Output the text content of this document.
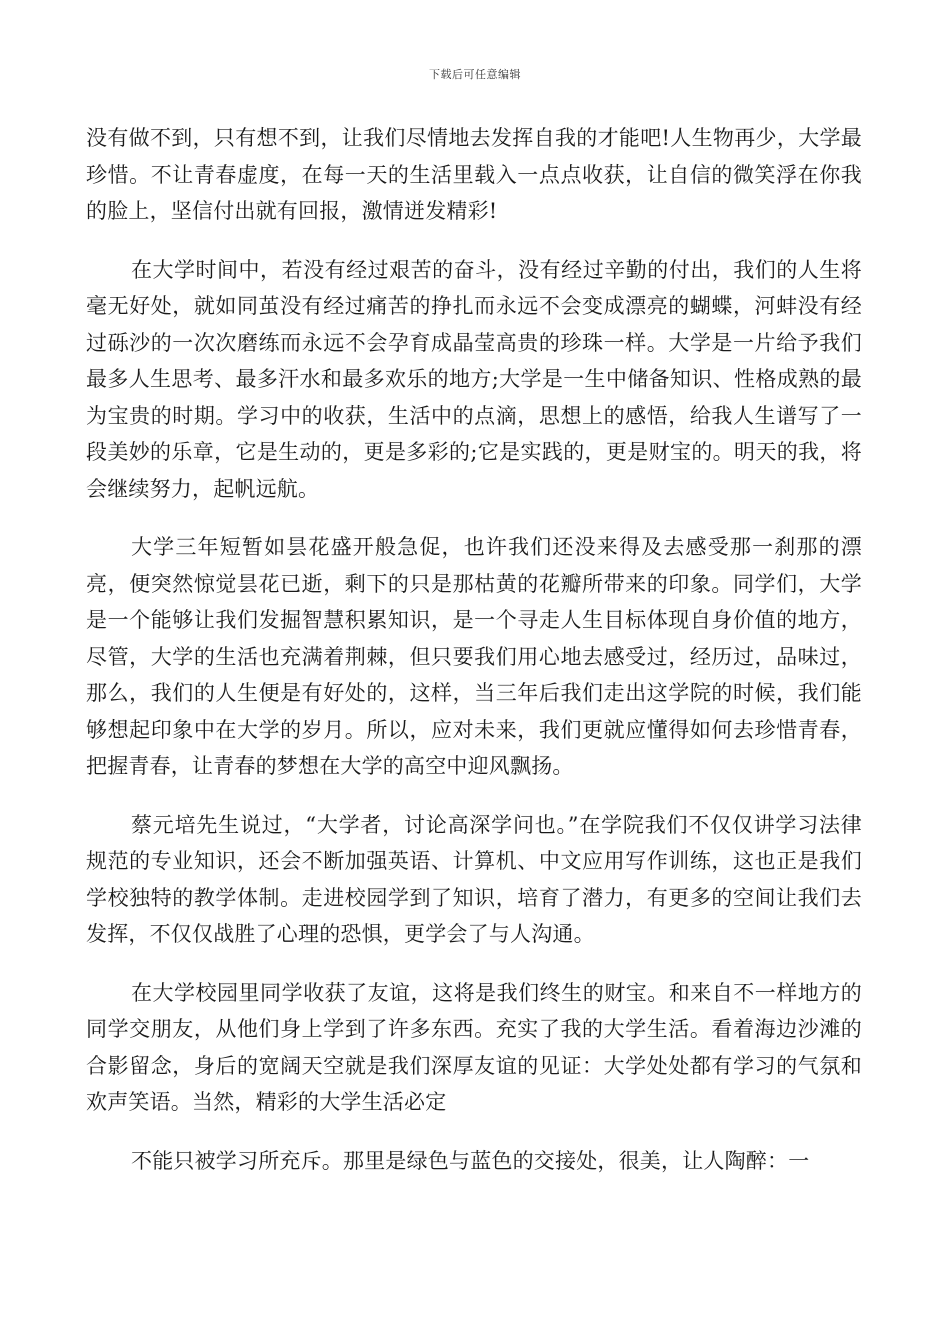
下载后可任意编辑

没有做不到，只有想不到，让我们尽情地去发挥自我的才能吧!人生物再少，大学最珍惜。不让青春虚度，在每一天的生活里载入一点点收获，让自信的微笑浮在你我的脸上，坚信付出就有回报，激情迸发精彩!

在大学时间中，若没有经过艰苦的奋斗，没有经过辛勤的付出，我们的人生将毫无好处，就如同茧没有经过痛苦的挣扎而永远不会变成漂亮的蝴蝶，河蚌没有经过砾沙的一次次磨练而永远不会孕育成晶莹高贵的珍珠一样。大学是一片给予我们最多人生思考、最多汗水和最多欢乐的地方;大学是一生中储备知识、性格成熟的最为宝贵的时期。学习中的收获，生活中的点滴，思想上的感悟，给我人生谱写了一段美妙的乐章，它是生动的，更是多彩的;它是实践的，更是财宝的。明天的我，将会继续努力，起帆远航。

大学三年短暂如昙花盛开般急促，也许我们还没来得及去感受那一刹那的漂亮，便突然惊觉昙花已逝，剩下的只是那枯黄的花瓣所带来的印象。同学们，大学是一个能够让我们发掘智慧积累知识，是一个寻走人生目标体现自身价值的地方，尽管，大学的生活也充满着荆棘，但只要我们用心地去感受过，经历过，品味过，那么，我们的人生便是有好处的，这样，当三年后我们走出这学院的时候，我们能够想起印象中在大学的岁月。所以，应对未来，我们更就应懂得如何去珍惜青春，把握青春，让青春的梦想在大学的高空中迎风飘扬。

蔡元培先生说过，“大学者，讨论高深学问也。”在学院我们不仅仅讲学习法律规范的专业知识，还会不断加强英语、计算机、中文应用写作训练，这也正是我们学校独特的教学体制。走进校园学到了知识，培育了潜力，有更多的空间让我们去发挥，不仅仅战胜了心理的恐惧，更学会了与人沟通。

在大学校园里同学收获了友谊，这将是我们终生的财宝。和来自不一样地方的同学交朋友，从他们身上学到了许多东西。充实了我的大学生活。看着海边沙滩的合影留念，身后的宽阔天空就是我们深厚友谊的见证：大学处处都有学习的气氛和欢声笑语。当然，精彩的大学生活必定

不能只被学习所充斥。那里是绿色与蓝色的交接处，很美，让人陶醉：一
